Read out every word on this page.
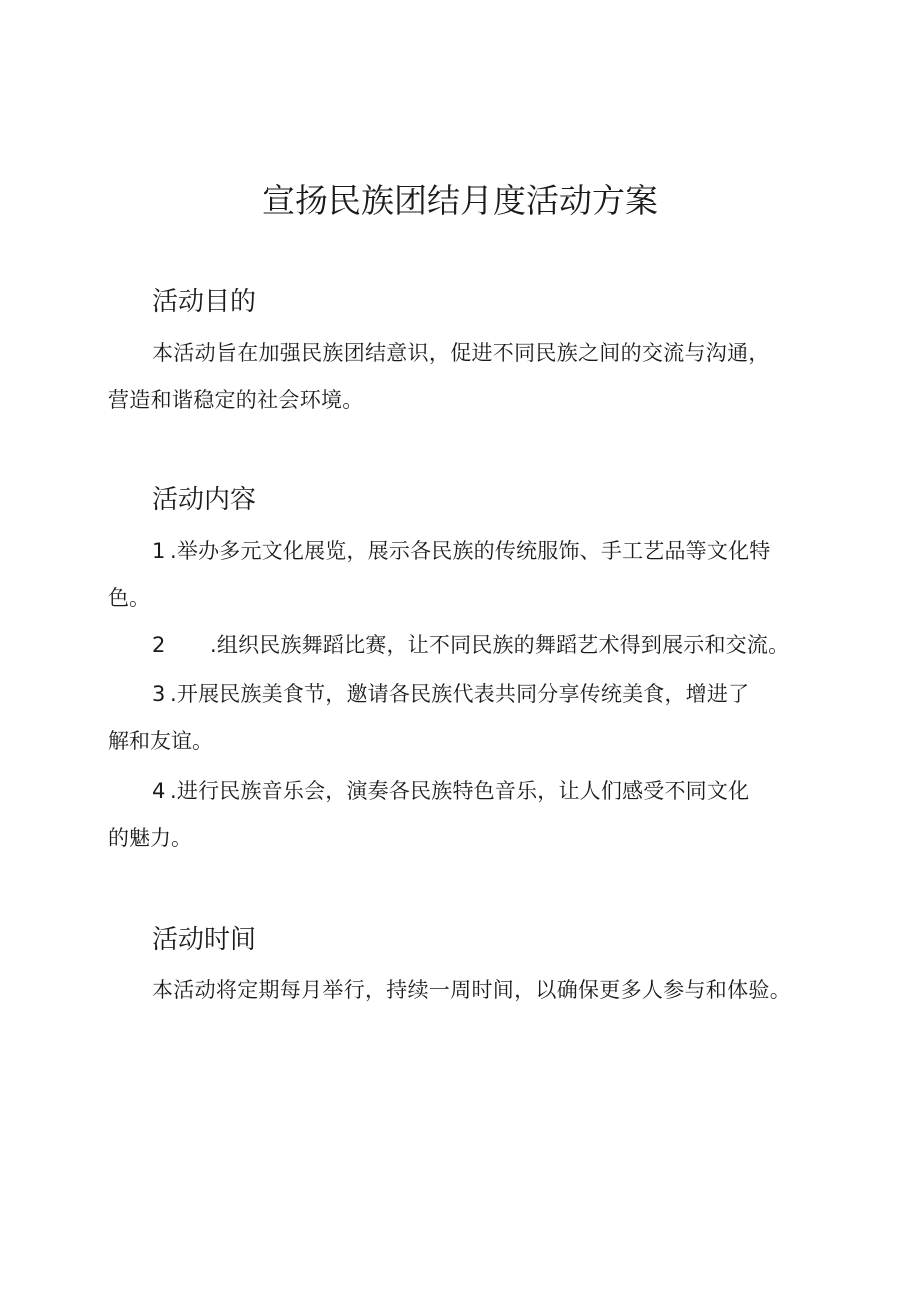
宣扬民族团结月度活动方案
活动目的
本活动旨在加强民族团结意识，促进不同民族之间的交流与沟通，
营造和谐稳定的社会环境。
活动内容
1 .举办多元文化展览，展示各民族的传统服饰、手工艺品等文化特
色。
2 .组织民族舞蹈比赛，让不同民族的舞蹈艺术得到展示和交流。
3 .开展民族美食节，邀请各民族代表共同分享传统美食，增进了
解和友谊。
4 .进行民族音乐会，演奏各民族特色音乐，让人们感受不同文化
的魅力。
活动时间
本活动将定期每月举行，持续一周时间，以确保更多人参与和体验。
